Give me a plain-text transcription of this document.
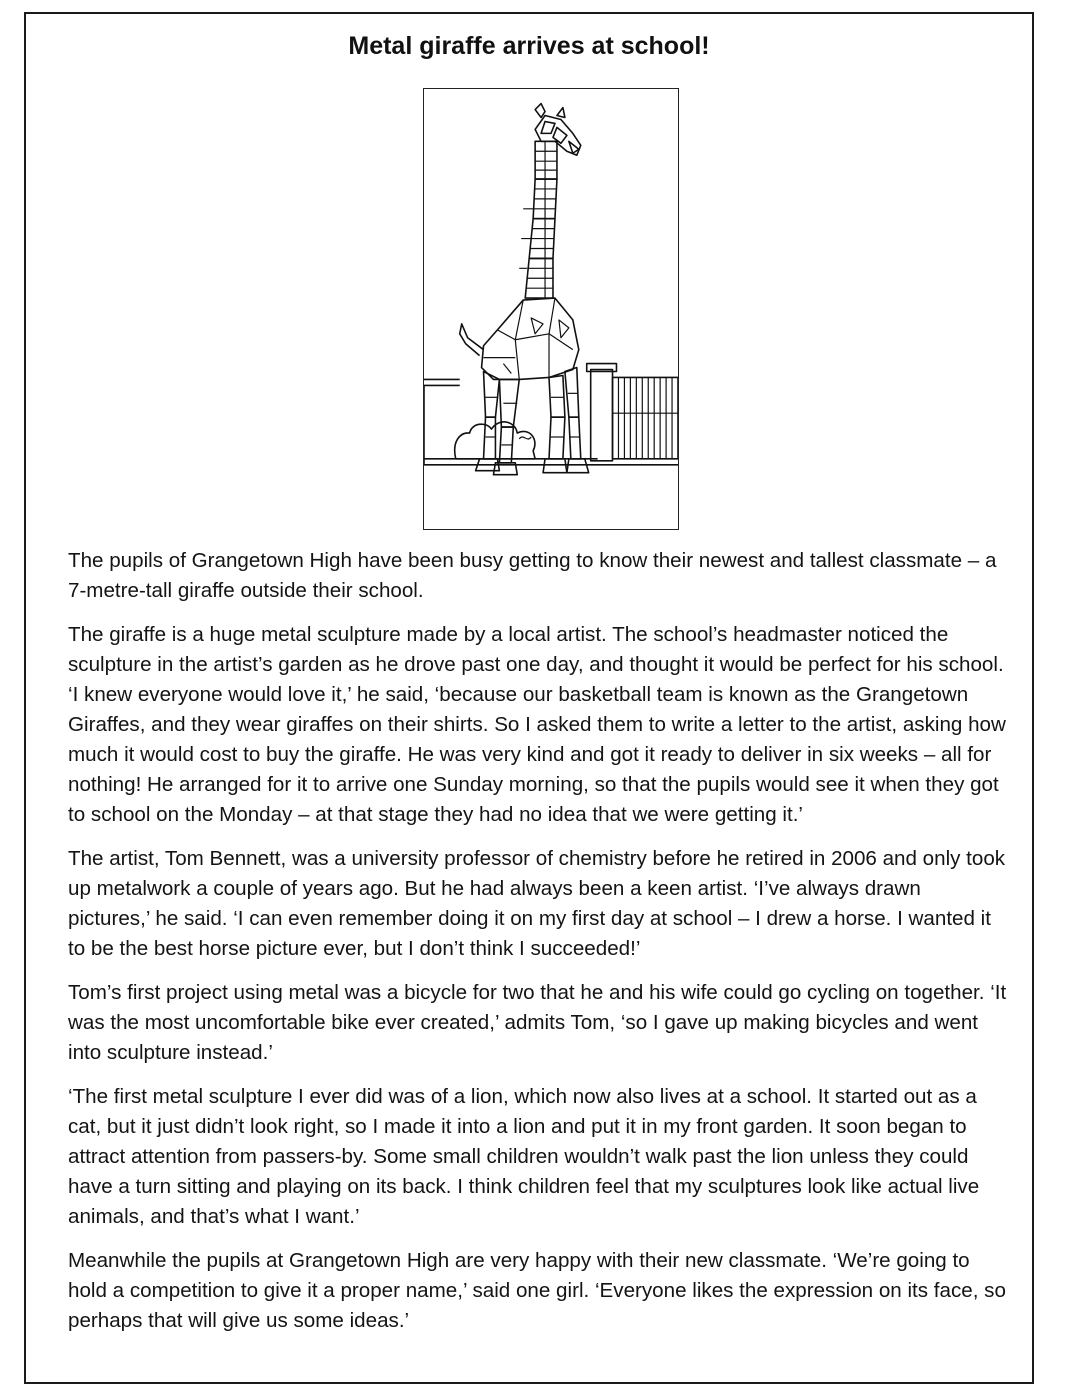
Metal giraffe arrives at school!

The pupils of Grangetown High have been busy getting to know their newest and tallest classmate – a 7-metre-tall giraffe outside their school.

The giraffe is a huge metal sculpture made by a local artist. The school’s headmaster noticed the sculpture in the artist’s garden as he drove past one day, and thought it would be perfect for his school. ‘I knew everyone would love it,’ he said, ‘because our basketball team is known as the Grangetown Giraffes, and they wear giraffes on their shirts. So I asked them to write a letter to the artist, asking how much it would cost to buy the giraffe. He was very kind and got it ready to deliver in six weeks – all for nothing! He arranged for it to arrive one Sunday morning, so that the pupils would see it when they got to school on the Monday – at that stage they had no idea that we were getting it.’

The artist, Tom Bennett, was a university professor of chemistry before he retired in 2006 and only took up metalwork a couple of years ago. But he had always been a keen artist. ‘I’ve always drawn pictures,’ he said. ‘I can even remember doing it on my first day at school – I drew a horse. I wanted it to be the best horse picture ever, but I don’t think I succeeded!’

Tom’s first project using metal was a bicycle for two that he and his wife could go cycling on together. ‘It was the most uncomfortable bike ever created,’ admits Tom, ‘so I gave up making bicycles and went into sculpture instead.’

‘The first metal sculpture I ever did was of a lion, which now also lives at a school. It started out as a cat, but it just didn’t look right, so I made it into a lion and put it in my front garden. It soon began to attract attention from passers-by. Some small children wouldn’t walk past the lion unless they could have a turn sitting and playing on its back. I think children feel that my sculptures look like actual live animals, and that’s what I want.’

Meanwhile the pupils at Grangetown High are very happy with their new classmate. ‘We’re going to hold a competition to give it a proper name,’ said one girl. ‘Everyone likes the expression on its face, so perhaps that will give us some ideas.’
